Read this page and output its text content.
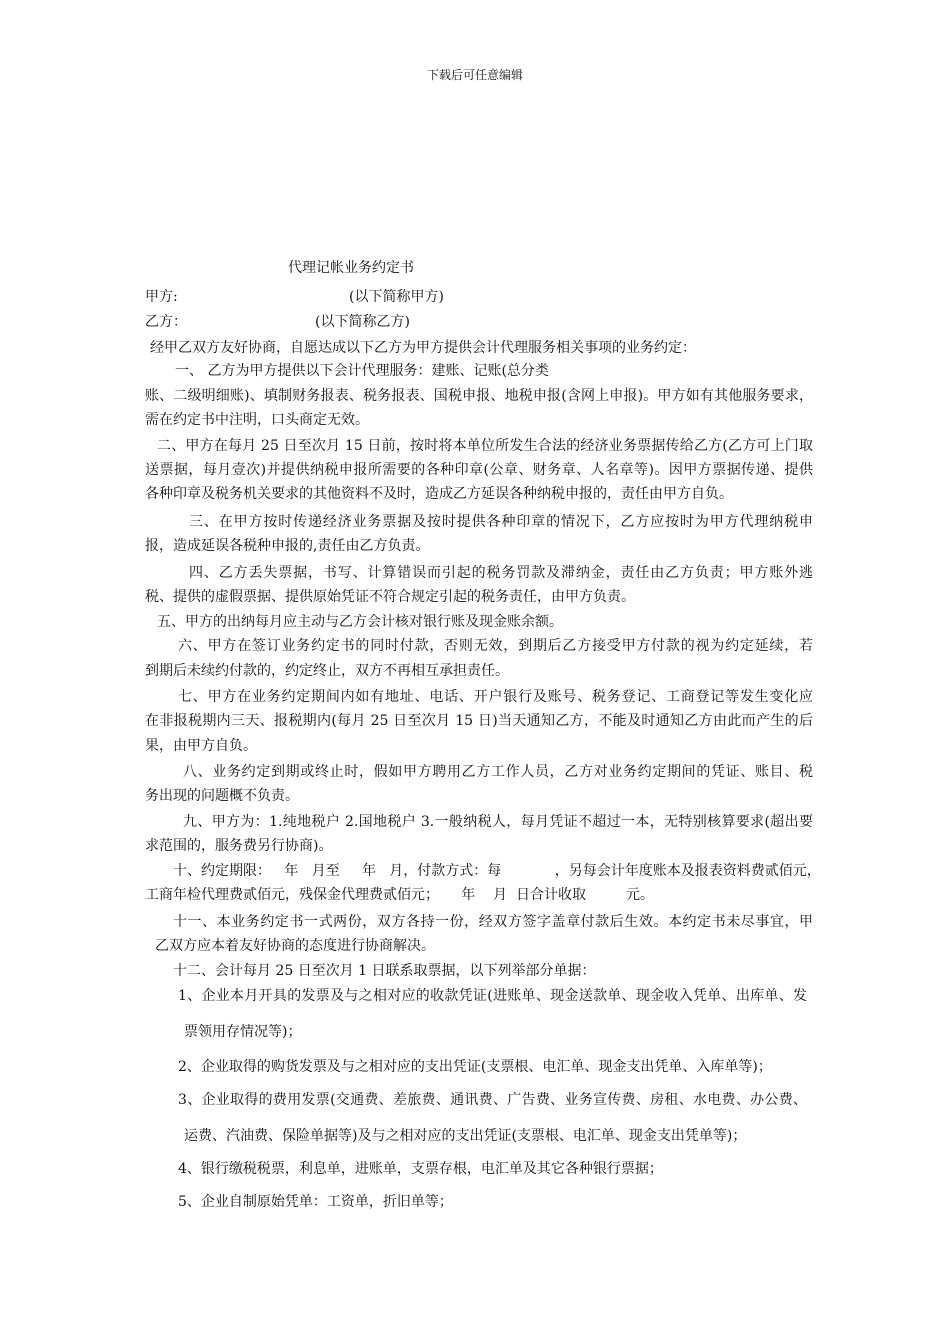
下载后可任意编辑
代理记帐业务约定书
甲方:	(以下简称甲方)
乙方：	(以下简称乙方)
经甲乙双方友好协商，自愿达成以下乙方为甲方提供会计代理服务相关事项的业务约定：
一、 乙方为甲方提供以下会计代理服务：建账、记账(总分类
账、二级明细账)、填制财务报表、税务报表、国税申报、地税申报(含网上申报)。甲方如有其他服务要求，
需在约定书中注明，口头商定无效。
二、甲方在每月 25 日至次月 15 日前，按时将本单位所发生合法的经济业务票据传给乙方(乙方可上门取
送票据，每月壹次)并提供纳税申报所需要的各种印章(公章、财务章、人名章等)。因甲方票据传递、提供
各种印章及税务机关要求的其他资料不及时，造成乙方延误各种纳税申报的，责任由甲方自负。
三、在甲方按时传递经济业务票据及按时提供各种印章的情况下，乙方应按时为甲方代理纳税申
报，造成延误各税种申报的,责任由乙方负责。
四、乙方丢失票据，书写、计算错误而引起的税务罚款及滞纳金，责任由乙方负责；甲方账外逃
税、提供的虚假票据、提供原始凭证不符合规定引起的税务责任，由甲方负责。
五、甲方的出纳每月应主动与乙方会计核对银行账及现金账余额。
六、甲方在签订业务约定书的同时付款，否则无效，到期后乙方接受甲方付款的视为约定延续，若
到期后未续约付款的，约定终止，双方不再相互承担责任。
七、甲方在业务约定期间内如有地址、电话、开户银行及账号、税务登记、工商登记等发生变化应
在非报税期内三天、报税期内(每月 25 日至次月 15 日)当天通知乙方，不能及时通知乙方由此而产生的后
果，由甲方自负。
八、业务约定到期或终止时，假如甲方聘用乙方工作人员，乙方对业务约定期间的凭证、账目、税
务出现的问题概不负责。
九、甲方为：1.纯地税户 2.国地税户 3.一般纳税人，每月凭证不超过一本，无特别核算要求(超出要
求范围的，服务费另行协商)。
十、约定期限：   年   月至     年   月，付款方式：每            ，另每会计年度账本及报表资料费贰佰元，
工商年检代理费贰佰元，残保金代理费贰佰元；     年    月  日合计收取         元。
十一、本业务约定书一式两份，双方各持一份，经双方签字盖章付款后生效。本约定书未尽事宜，甲
乙双方应本着友好协商的态度进行协商解决。
十二、会计每月 25 日至次月 1 日联系取票据，以下列举部分单据：
1、企业本月开具的发票及与之相对应的收款凭证(进账单、现金送款单、现金收入凭单、出库单、发
票领用存情况等)；
2、企业取得的购货发票及与之相对应的支出凭证(支票根、电汇单、现金支出凭单、入库单等)；
3、企业取得的费用发票(交通费、差旅费、通讯费、广告费、业务宣传费、房租、水电费、办公费、
运费、汽油费、保险单据等)及与之相对应的支出凭证(支票根、电汇单、现金支出凭单等)；
4、银行缴税税票，利息单，进账单，支票存根，电汇单及其它各种银行票据；
5、企业自制原始凭单：工资单，折旧单等；
